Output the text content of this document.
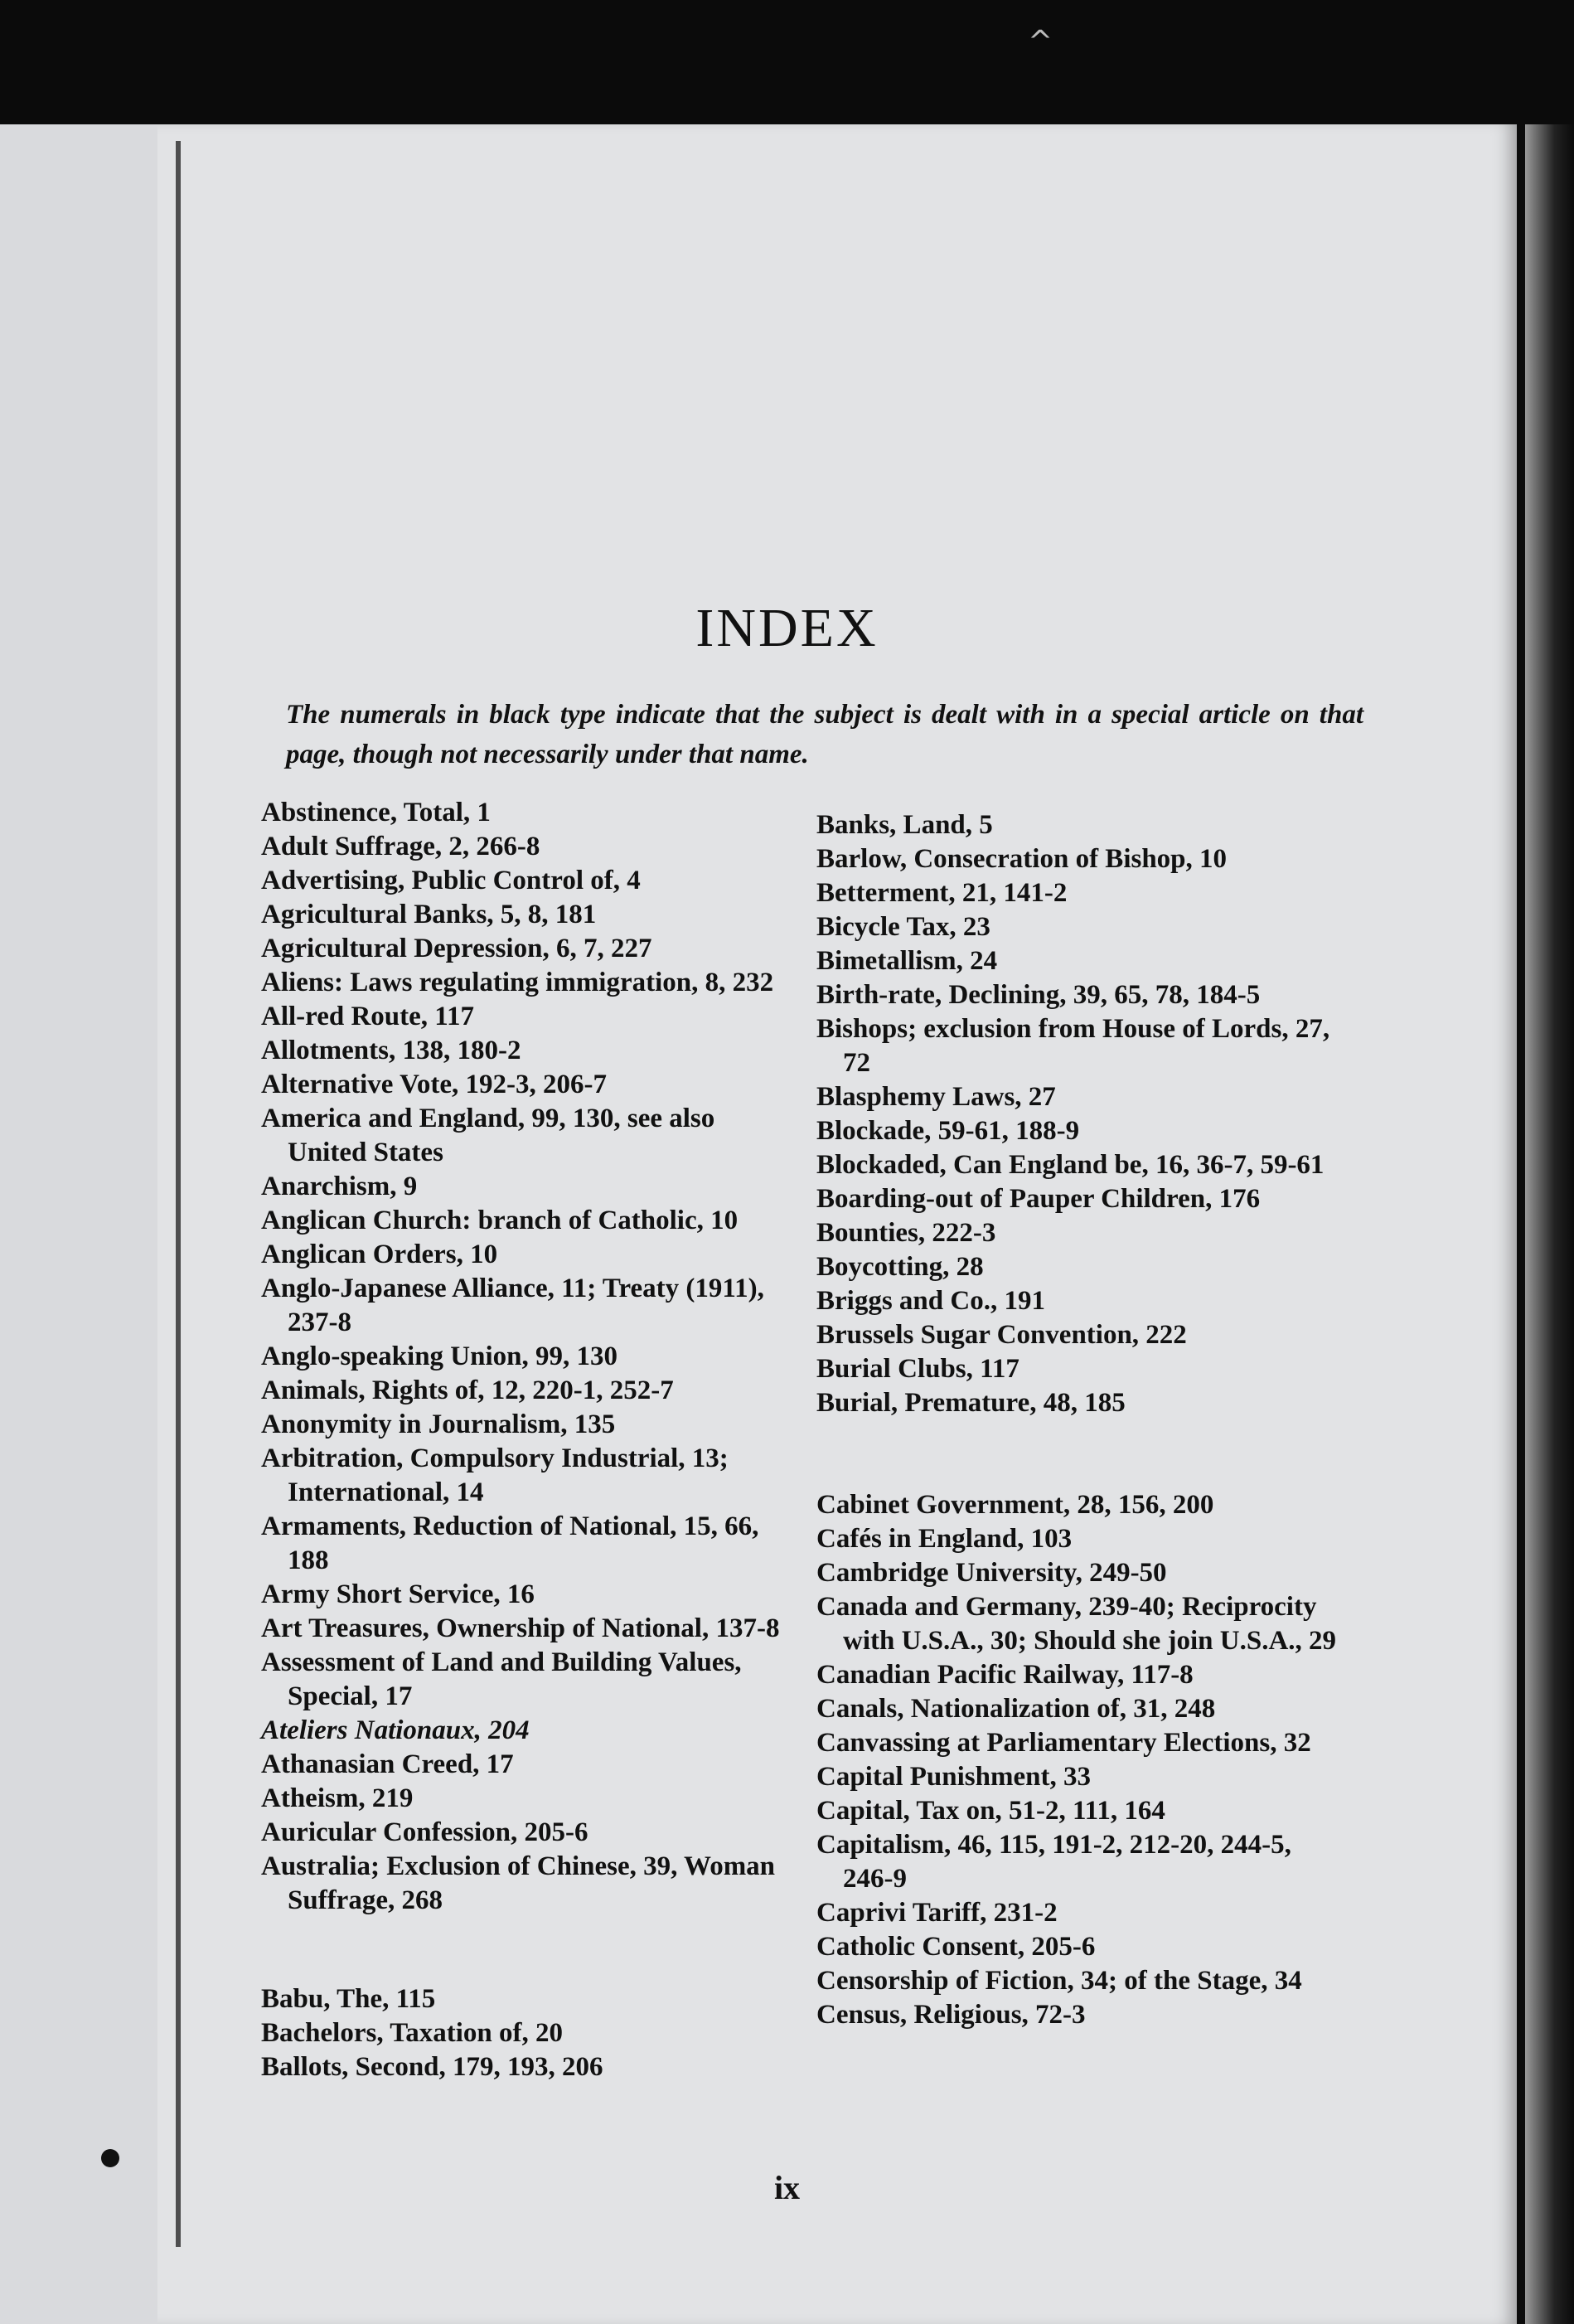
^
INDEX
The numerals in black type indicate that the subject is dealt with in a special article on that page, though not necessarily under that name.
Abstinence, Total, 1
Adult Suffrage, 2, 266-8
Advertising, Public Control of, 4
Agricultural Banks, 5, 8, 181
Agricultural Depression, 6, 7, 227
Aliens: Laws regulating immigration, 8, 232
All-red Route, 117
Allotments, 138, 180-2
Alternative Vote, 192-3, 206-7
America and England, 99, 130, see also United States
Anarchism, 9
Anglican Church: branch of Catholic, 10
Anglican Orders, 10
Anglo-Japanese Alliance, 11; Treaty (1911), 237-8
Anglo-speaking Union, 99, 130
Animals, Rights of, 12, 220-1, 252-7
Anonymity in Journalism, 135
Arbitration, Compulsory Industrial, 13; International, 14
Armaments, Reduction of National, 15, 66, 188
Army Short Service, 16
Art Treasures, Ownership of National, 137-8
Assessment of Land and Building Values, Special, 17
Ateliers Nationaux, 204
Athanasian Creed, 17
Atheism, 219
Auricular Confession, 205-6
Australia; Exclusion of Chinese, 39, Woman Suffrage, 268
Babu, The, 115
Bachelors, Taxation of, 20
Ballots, Second, 179, 193, 206
Banks, Land, 5
Barlow, Consecration of Bishop, 10
Betterment, 21, 141-2
Bicycle Tax, 23
Bimetallism, 24
Birth-rate, Declining, 39, 65, 78, 184-5
Bishops; exclusion from House of Lords, 27, 72
Blasphemy Laws, 27
Blockade, 59-61, 188-9
Blockaded, Can England be, 16, 36-7, 59-61
Boarding-out of Pauper Children, 176
Bounties, 222-3
Boycotting, 28
Briggs and Co., 191
Brussels Sugar Convention, 222
Burial Clubs, 117
Burial, Premature, 48, 185
Cabinet Government, 28, 156, 200
Cafés in England, 103
Cambridge University, 249-50
Canada and Germany, 239-40; Reciprocity with U.S.A., 30; Should she join U.S.A., 29
Canadian Pacific Railway, 117-8
Canals, Nationalization of, 31, 248
Canvassing at Parliamentary Elections, 32
Capital Punishment, 33
Capital, Tax on, 51-2, 111, 164
Capitalism, 46, 115, 191-2, 212-20, 244-5, 246-9
Caprivi Tariff, 231-2
Catholic Consent, 205-6
Censorship of Fiction, 34; of the Stage, 34
Census, Religious, 72-3
ix
